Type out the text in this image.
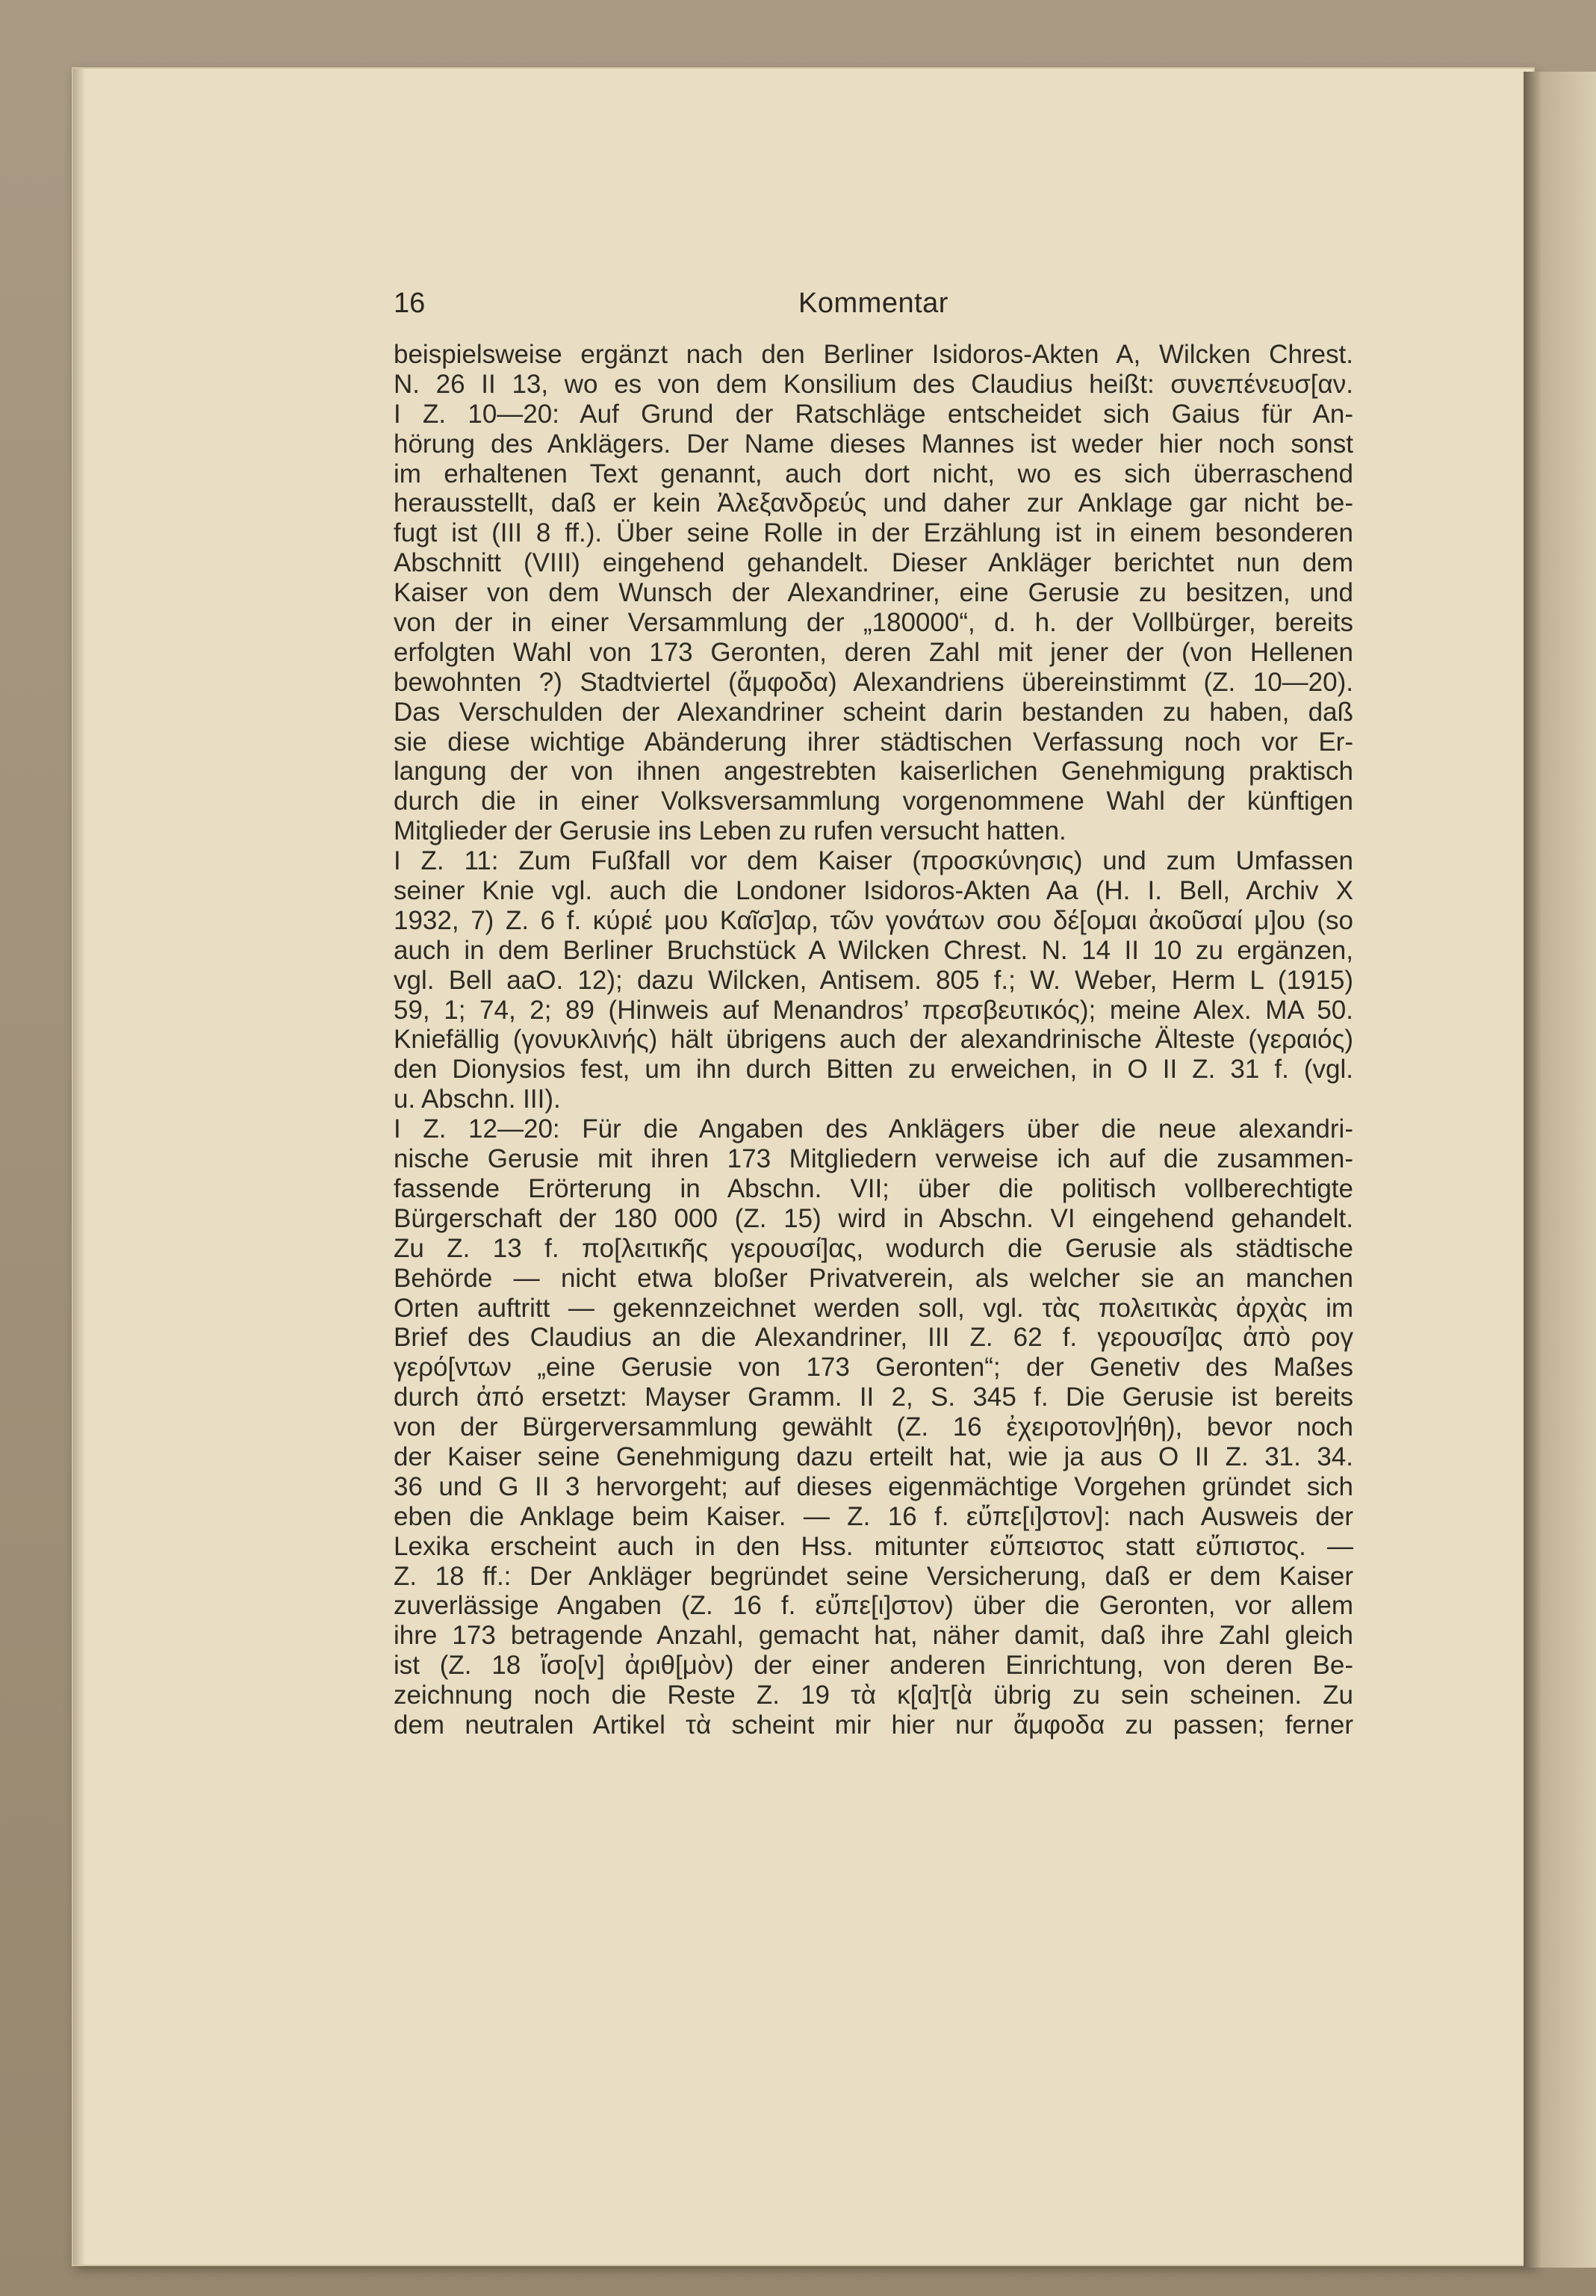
16	Kommentar
beispielsweise ergänzt nach den Berliner Isidoros-Akten A, Wilcken Chrest.
N. 26 II 13, wo es von dem Konsilium des Claudius heißt: συνεπένευσ[αν.
I Z. 10—20: Auf Grund der Ratschläge entscheidet sich Gaius für An-
hörung des Anklägers. Der Name dieses Mannes ist weder hier noch sonst
im erhaltenen Text genannt, auch dort nicht, wo es sich überraschend
herausstellt, daß er kein Ἀλεξανδρεύς und daher zur Anklage gar nicht be-
fugt ist (III 8 ff.). Über seine Rolle in der Erzählung ist in einem besonderen
Abschnitt (VIII) eingehend gehandelt. Dieser Ankläger berichtet nun dem
Kaiser von dem Wunsch der Alexandriner, eine Gerusie zu besitzen, und
von der in einer Versammlung der „180000“, d. h. der Vollbürger, bereits
erfolgten Wahl von 173 Geronten, deren Zahl mit jener der (von Hellenen
bewohnten ?) Stadtviertel (ἄμφοδα) Alexandriens übereinstimmt (Z. 10—20).
Das Verschulden der Alexandriner scheint darin bestanden zu haben, daß
sie diese wichtige Abänderung ihrer städtischen Verfassung noch vor Er-
langung der von ihnen angestrebten kaiserlichen Genehmigung praktisch
durch die in einer Volksversammlung vorgenommene Wahl der künftigen
Mitglieder der Gerusie ins Leben zu rufen versucht hatten.
I Z. 11: Zum Fußfall vor dem Kaiser (προσκύνησις) und zum Umfassen
seiner Knie vgl. auch die Londoner Isidoros-Akten Aa (H. I. Bell, Archiv X
1932, 7) Z. 6 f. κύριέ μου Καῖσ]αρ, τῶν γονάτων σου δέ[ομαι ἀκοῦσαί μ]ου (so
auch in dem Berliner Bruchstück A Wilcken Chrest. N. 14 II 10 zu ergänzen,
vgl. Bell aaO. 12); dazu Wilcken, Antisem. 805 f.; W. Weber, Herm L (1915)
59, 1; 74, 2; 89 (Hinweis auf Menandros’ πρεσβευτικός); meine Alex. MA 50.
Kniefällig (γονυκλινής) hält übrigens auch der alexandrinische Älteste (γεραιός)
den Dionysios fest, um ihn durch Bitten zu erweichen, in O II Z. 31 f. (vgl.
u. Abschn. III).
I Z. 12—20: Für die Angaben des Anklägers über die neue alexandri-
nische Gerusie mit ihren 173 Mitgliedern verweise ich auf die zusammen-
fassende Erörterung in Abschn. VII; über die politisch vollberechtigte
Bürgerschaft der 180 000 (Z. 15) wird in Abschn. VI eingehend gehandelt.
Zu Z. 13 f. πο[λειτικῆς γερουσί]ας, wodurch die Gerusie als städtische
Behörde — nicht etwa bloßer Privatverein, als welcher sie an manchen
Orten auftritt — gekennzeichnet werden soll, vgl. τὰς πολειτικὰς ἀρχὰς im
Brief des Claudius an die Alexandriner, III Z. 62 f. γερουσί]ας ἀπὸ ρογ
γερό[ντων „eine Gerusie von 173 Geronten“; der Genetiv des Maßes
durch ἀπό ersetzt: Mayser Gramm. II 2, S. 345 f. Die Gerusie ist bereits
von der Bürgerversammlung gewählt (Z. 16 ἐχειροτον]ήθη), bevor noch
der Kaiser seine Genehmigung dazu erteilt hat, wie ja aus O II Z. 31. 34.
36 und G II 3 hervorgeht; auf dieses eigenmächtige Vorgehen gründet sich
eben die Anklage beim Kaiser. — Z. 16 f. εὔπε[ι]στον]: nach Ausweis der
Lexika erscheint auch in den Hss. mitunter εὔπειστος statt εὔπιστος. —
Z. 18 ff.: Der Ankläger begründet seine Versicherung, daß er dem Kaiser
zuverlässige Angaben (Z. 16 f. εὔπε[ι]στον) über die Geronten, vor allem
ihre 173 betragende Anzahl, gemacht hat, näher damit, daß ihre Zahl gleich
ist (Z. 18 ἴσο[ν] ἀριθ[μὸν) der einer anderen Einrichtung, von deren Be-
zeichnung noch die Reste Z. 19 τὰ κ[α]τ[ὰ übrig zu sein scheinen. Zu
dem neutralen Artikel τὰ scheint mir hier nur ἄμφοδα zu passen; ferner
